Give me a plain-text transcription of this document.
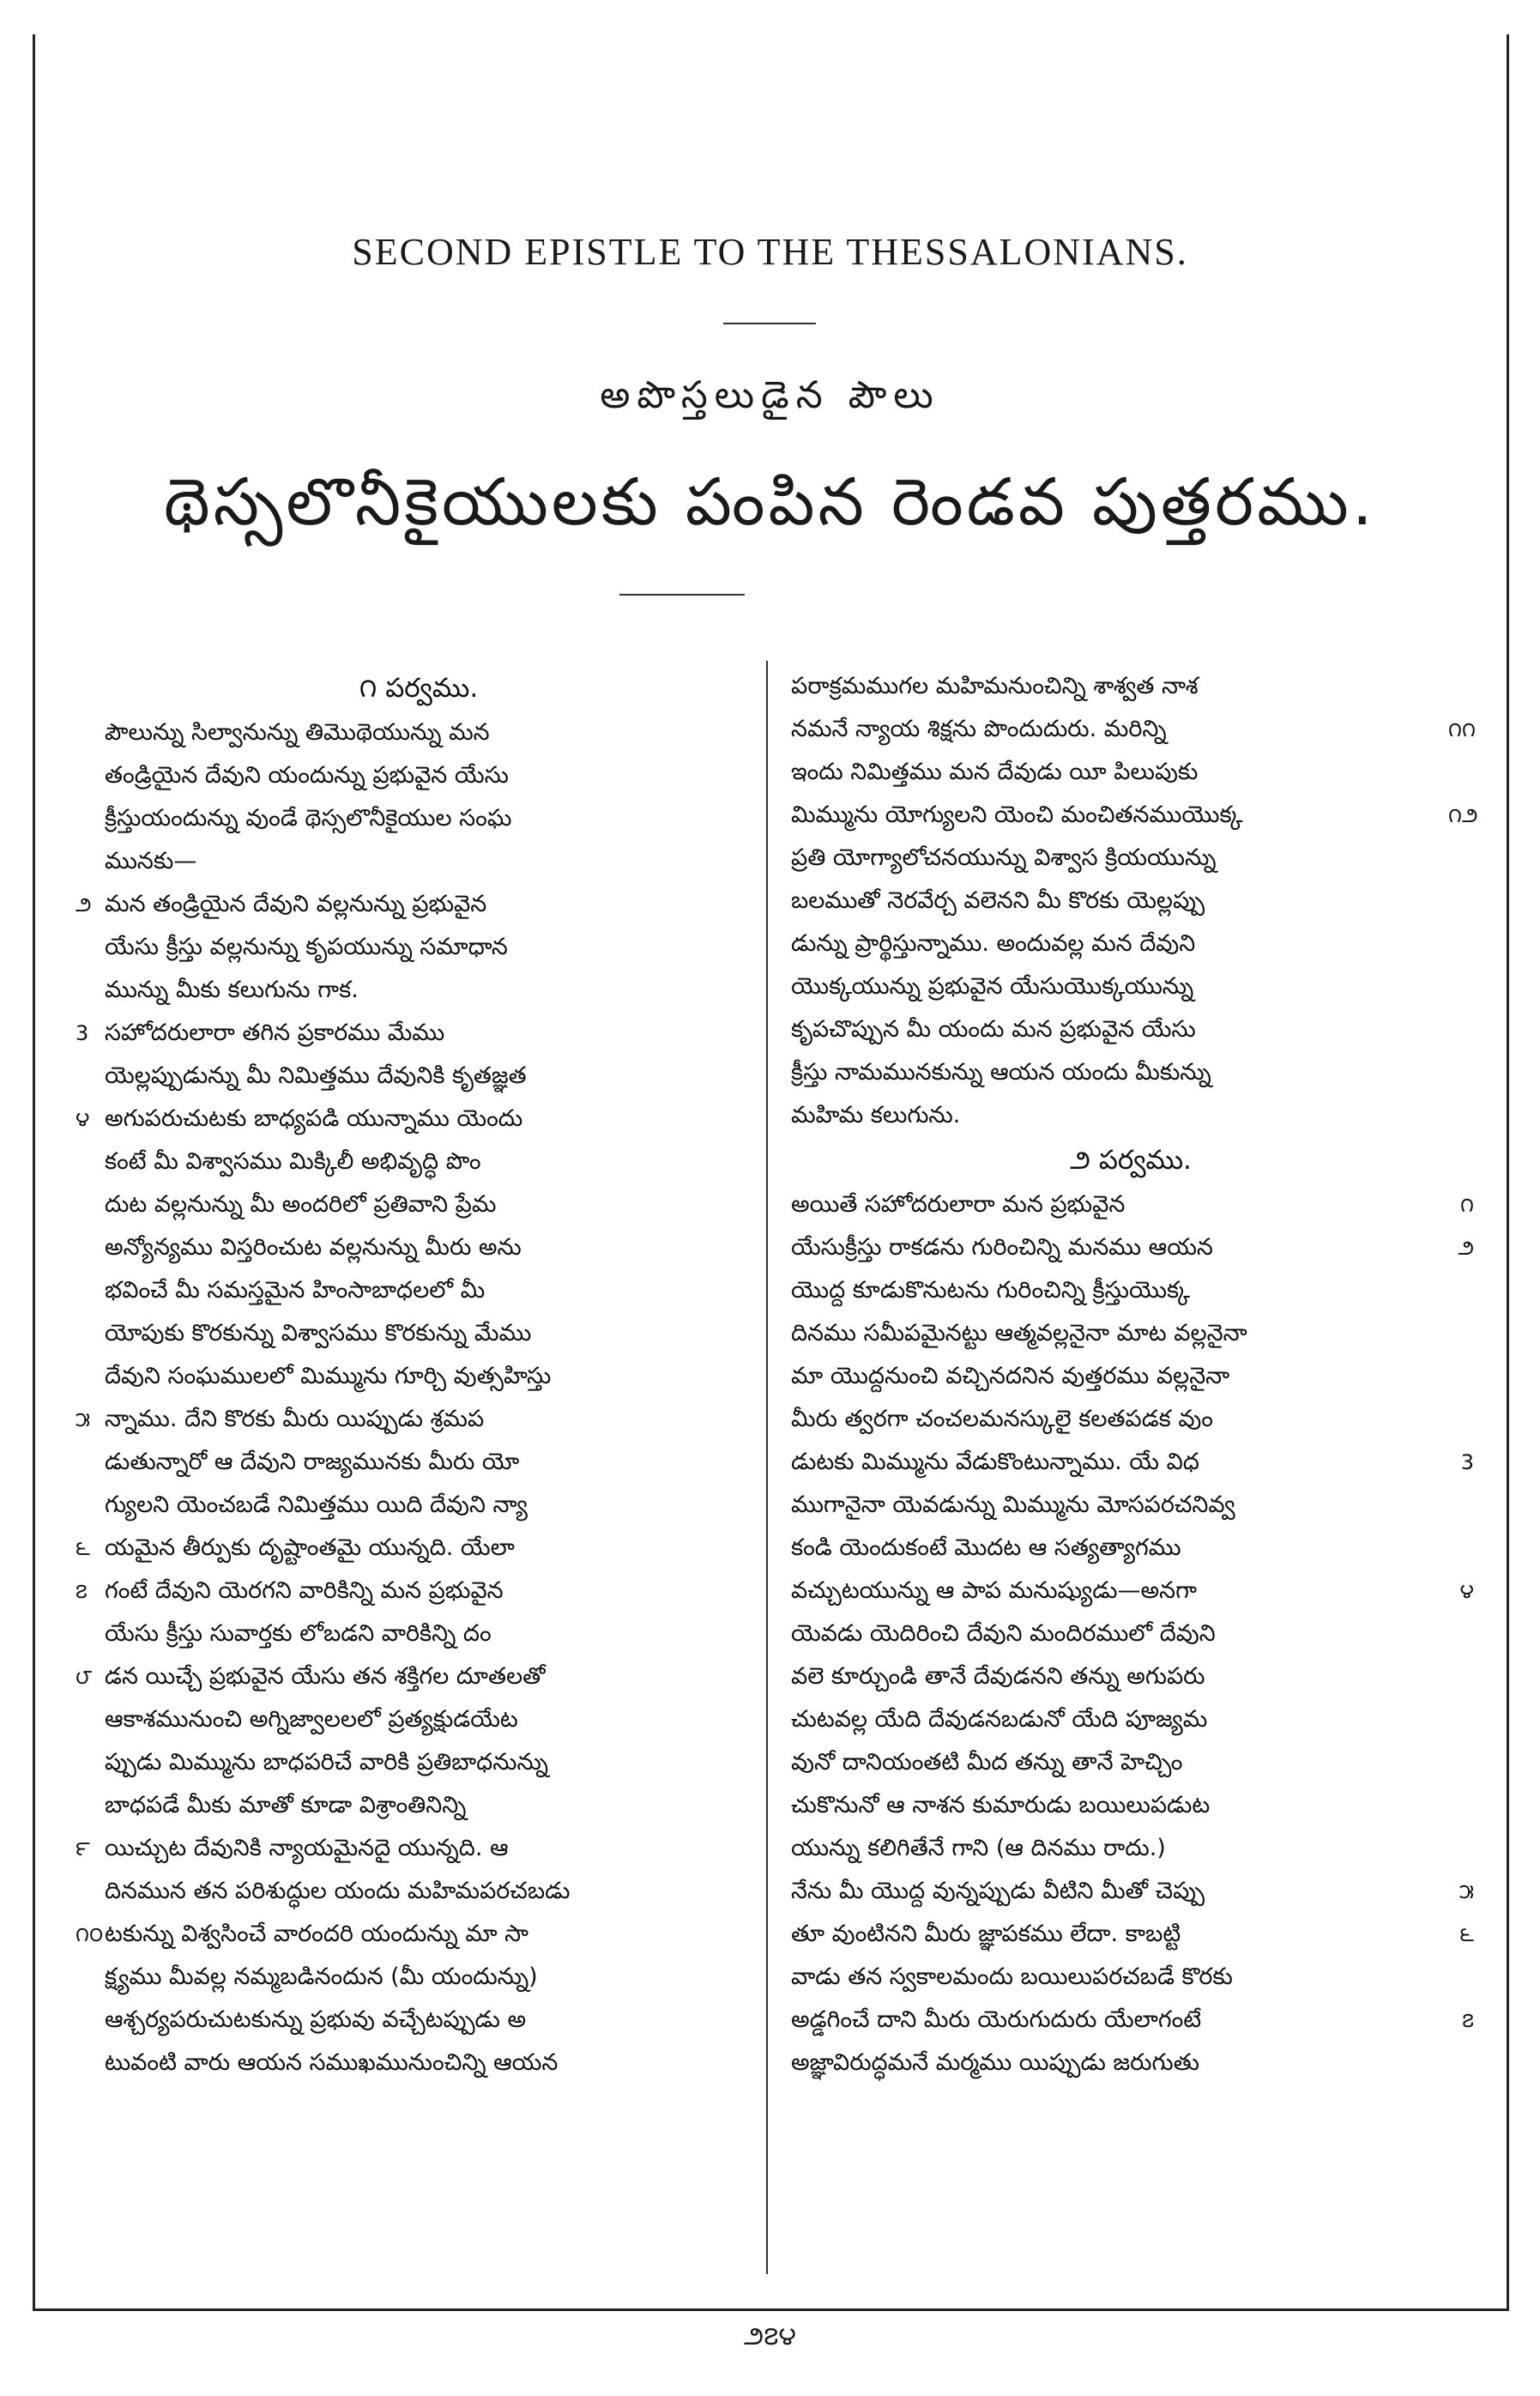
SECOND EPISTLE TO THE THESSALONIANS.
అపొస్తలుడైన పౌలు
థెస్సలొనీకైయులకు పంపిన రెండవ పుత్తరము.
౧ పర్వము.
పౌలున్ను సిల్వానున్ను తిమొథెయున్ను మన
తండ్రియైన దేవుని యందున్ను ప్రభువైన యేసు
క్రీస్తుయందున్ను వుండే థెస్సలొనీకైయుల సంఘ
మునకు—
౨ మన తండ్రియైన దేవుని వల్లనున్ను ప్రభువైన
యేసు క్రీస్తు వల్లనున్ను కృపయున్ను సమాధాన
మున్ను మీకు కలుగును గాక.
3 సహోదరులారా తగిన ప్రకారము మేము
యెల్లప్పుడున్ను మీ నిమిత్తము దేవునికి కృతజ్ఞత
౪ అగుపరుచుటకు బాధ్యపడి యున్నాము యెందు
కంటే మీ విశ్వాసము మిక్కిలీ అభివృద్ధి పొం
దుట వల్లనున్ను మీ అందరిలో ప్రతివాని ప్రేమ
అన్యోన్యము విస్తరించుట వల్లనున్ను మీరు అను
భవించే మీ సమస్తమైన హింసాబాధలలో మీ
యోపుకు కొరకున్ను విశ్వాసము కొరకున్ను మేము
దేవుని సంఘములలో మిమ్మును గూర్చి వుత్సహిస్తు
౫ న్నాము. దేని కొరకు మీరు యిప్పుడు శ్రమప
డుతున్నారో ఆ దేవుని రాజ్యమునకు మీరు యో
గ్యులని యెంచబడే నిమిత్తము యిది దేవుని న్యా
౬ యమైన తీర్పుకు దృష్టాంతమై యున్నది. యేలా
౭ గంటే దేవుని యెరగని వారికిన్ని మన ప్రభువైన
యేసు క్రీస్తు సువార్తకు లోబడని వారికిన్ని దం
౮ డన యిచ్చే ప్రభువైన యేసు తన శక్తిగల దూతలతో
ఆకాశమునుంచి అగ్నిజ్వాలలలో ప్రత్యక్షుడయేట
ప్పుడు మిమ్మును బాధపరిచే వారికి ప్రతిబాధనున్ను
బాధపడే మీకు మాతో కూడా విశ్రాంతినిన్ని
౯ యిచ్చుట దేవునికి న్యాయమైనదై యున్నది. ఆ
దినమున తన పరిశుద్ధుల యందు మహిమపరచబడు
౧౦ టకున్ను విశ్వసించే వారందరి యందున్ను మా సా
క్ష్యము మీవల్ల నమ్మబడినందున (మీ యందున్ను)
ఆశ్చర్యపరుచుటకున్ను ప్రభువు వచ్చేటప్పుడు అ
టువంటి వారు ఆయన సముఖమునుంచిన్ని ఆయన
పరాక్రమముగల మహిమనుంచిన్ని శాశ్వత నాశ
౧౧
నమనే న్యాయ శిక్షను పొందుదురు. మరిన్ని
ఇందు నిమిత్తము మన దేవుడు యీ పిలుపుకు
౧౨
మిమ్మును యోగ్యులని యెంచి మంచితనముయొక్క
ప్రతి యోగ్యాలోచనయున్ను విశ్వాస క్రియయున్ను
బలముతో నెరవేర్చ వలెనని మీ కొరకు యెల్లప్పు
డున్ను ప్రార్థిస్తున్నాము. అందువల్ల మన దేవుని
యొక్కయున్ను ప్రభువైన యేసుయొక్కయున్ను
కృపచొప్పున మీ యందు మన ప్రభువైన యేసు
క్రీస్తు నామమునకున్ను ఆయన యందు మీకున్ను
మహిమ కలుగును.
౨ పర్వము.
౧
అయితే సహోదరులారా మన ప్రభువైన
౨
యేసుక్రీస్తు రాకడను గురించిన్ని మనము ఆయన
యొద్ద కూడుకొనుటను గురించిన్ని క్రీస్తుయొక్క
దినము సమీపమైనట్టు ఆత్మవల్లనైనా మాట వల్లనైనా
మా యొద్దనుంచి వచ్చినదనిన వుత్తరము వల్లనైనా
మీరు త్వరగా చంచలమనస్కులై కలతపడక వుం
3
డుటకు మిమ్మును వేడుకొంటున్నాము. యే విధ
ముగానైనా యెవడున్ను మిమ్మును మోసపరచనివ్వ
కండి యెందుకంటే మొదట ఆ సత్యత్యాగము
౪
వచ్చుటయున్ను ఆ పాప మనుష్యుడు—అనగా
యెవడు యెదిరించి దేవుని మందిరములో దేవుని
వలె కూర్చుండి తానే దేవుడనని తన్ను అగుపరు
చుటవల్ల యేది దేవుడనబడునో యేది పూజ్యమ
వునో దానియంతటి మీద తన్ను తానే హెచ్చిం
చుకొనునో ఆ నాశన కుమారుడు బయిలుపడుట
యున్ను కలిగితేనే గాని (ఆ దినము రాదు.)
౫
నేను మీ యొద్ద వున్నప్పుడు వీటిని మీతో చెప్పు
౬
తూ వుంటినని మీరు జ్ఞాపకము లేదా. కాబట్టి
వాడు తన స్వకాలమందు బయిలుపరచబడే కొరకు
౭
అడ్డగించే దాని మీరు యెరుగుదురు యేలాగంటే
అజ్ఞావిరుద్ధమనే మర్మము యిప్పుడు జరుగుతు
౨౭౪
